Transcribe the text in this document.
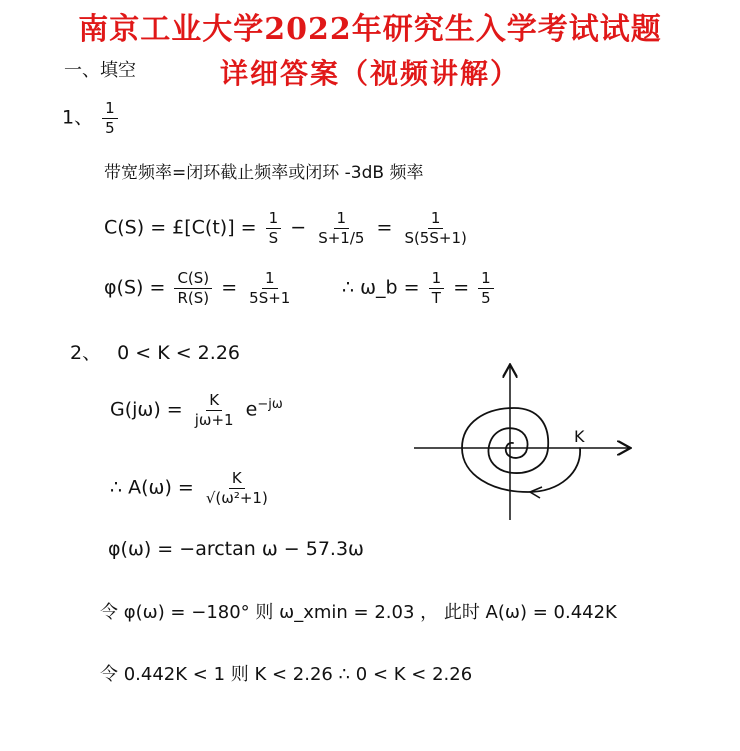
南京工业大学2022年研究生入学考试试题
详细答案（视频讲解）
一、填空
1、 $\frac{1}{5}$
带宽频率=闭环截止频率或闭环 -3dB 频率
C(S) = £[C(t)] = $\frac{1}{S} - \frac{1}{S+1/5} = \frac{1}{S(5S+1)}$
$\varphi(S) = \frac{C(S)}{R(S)} = \frac{1}{5S+1}$	∴ ω_b = $\frac{1}{T} = \frac{1}{5}$
2、 0 < K < 2.26
$G(j\omega) = \frac{K}{j\omega+1} e^{-j\omega}$
∴ $A(\omega) = \frac{K}{\text{√(ω²+1)}}$
φ(ω) = −arctan ω − 57.3ω
令 φ(ω) = −180° 则 ω_xmin = 2.03 ， 此时 A(ω) = 0.442K
令 0.442K < 1 则 K < 2.26 ∴ 0 < K < 2.26
K
